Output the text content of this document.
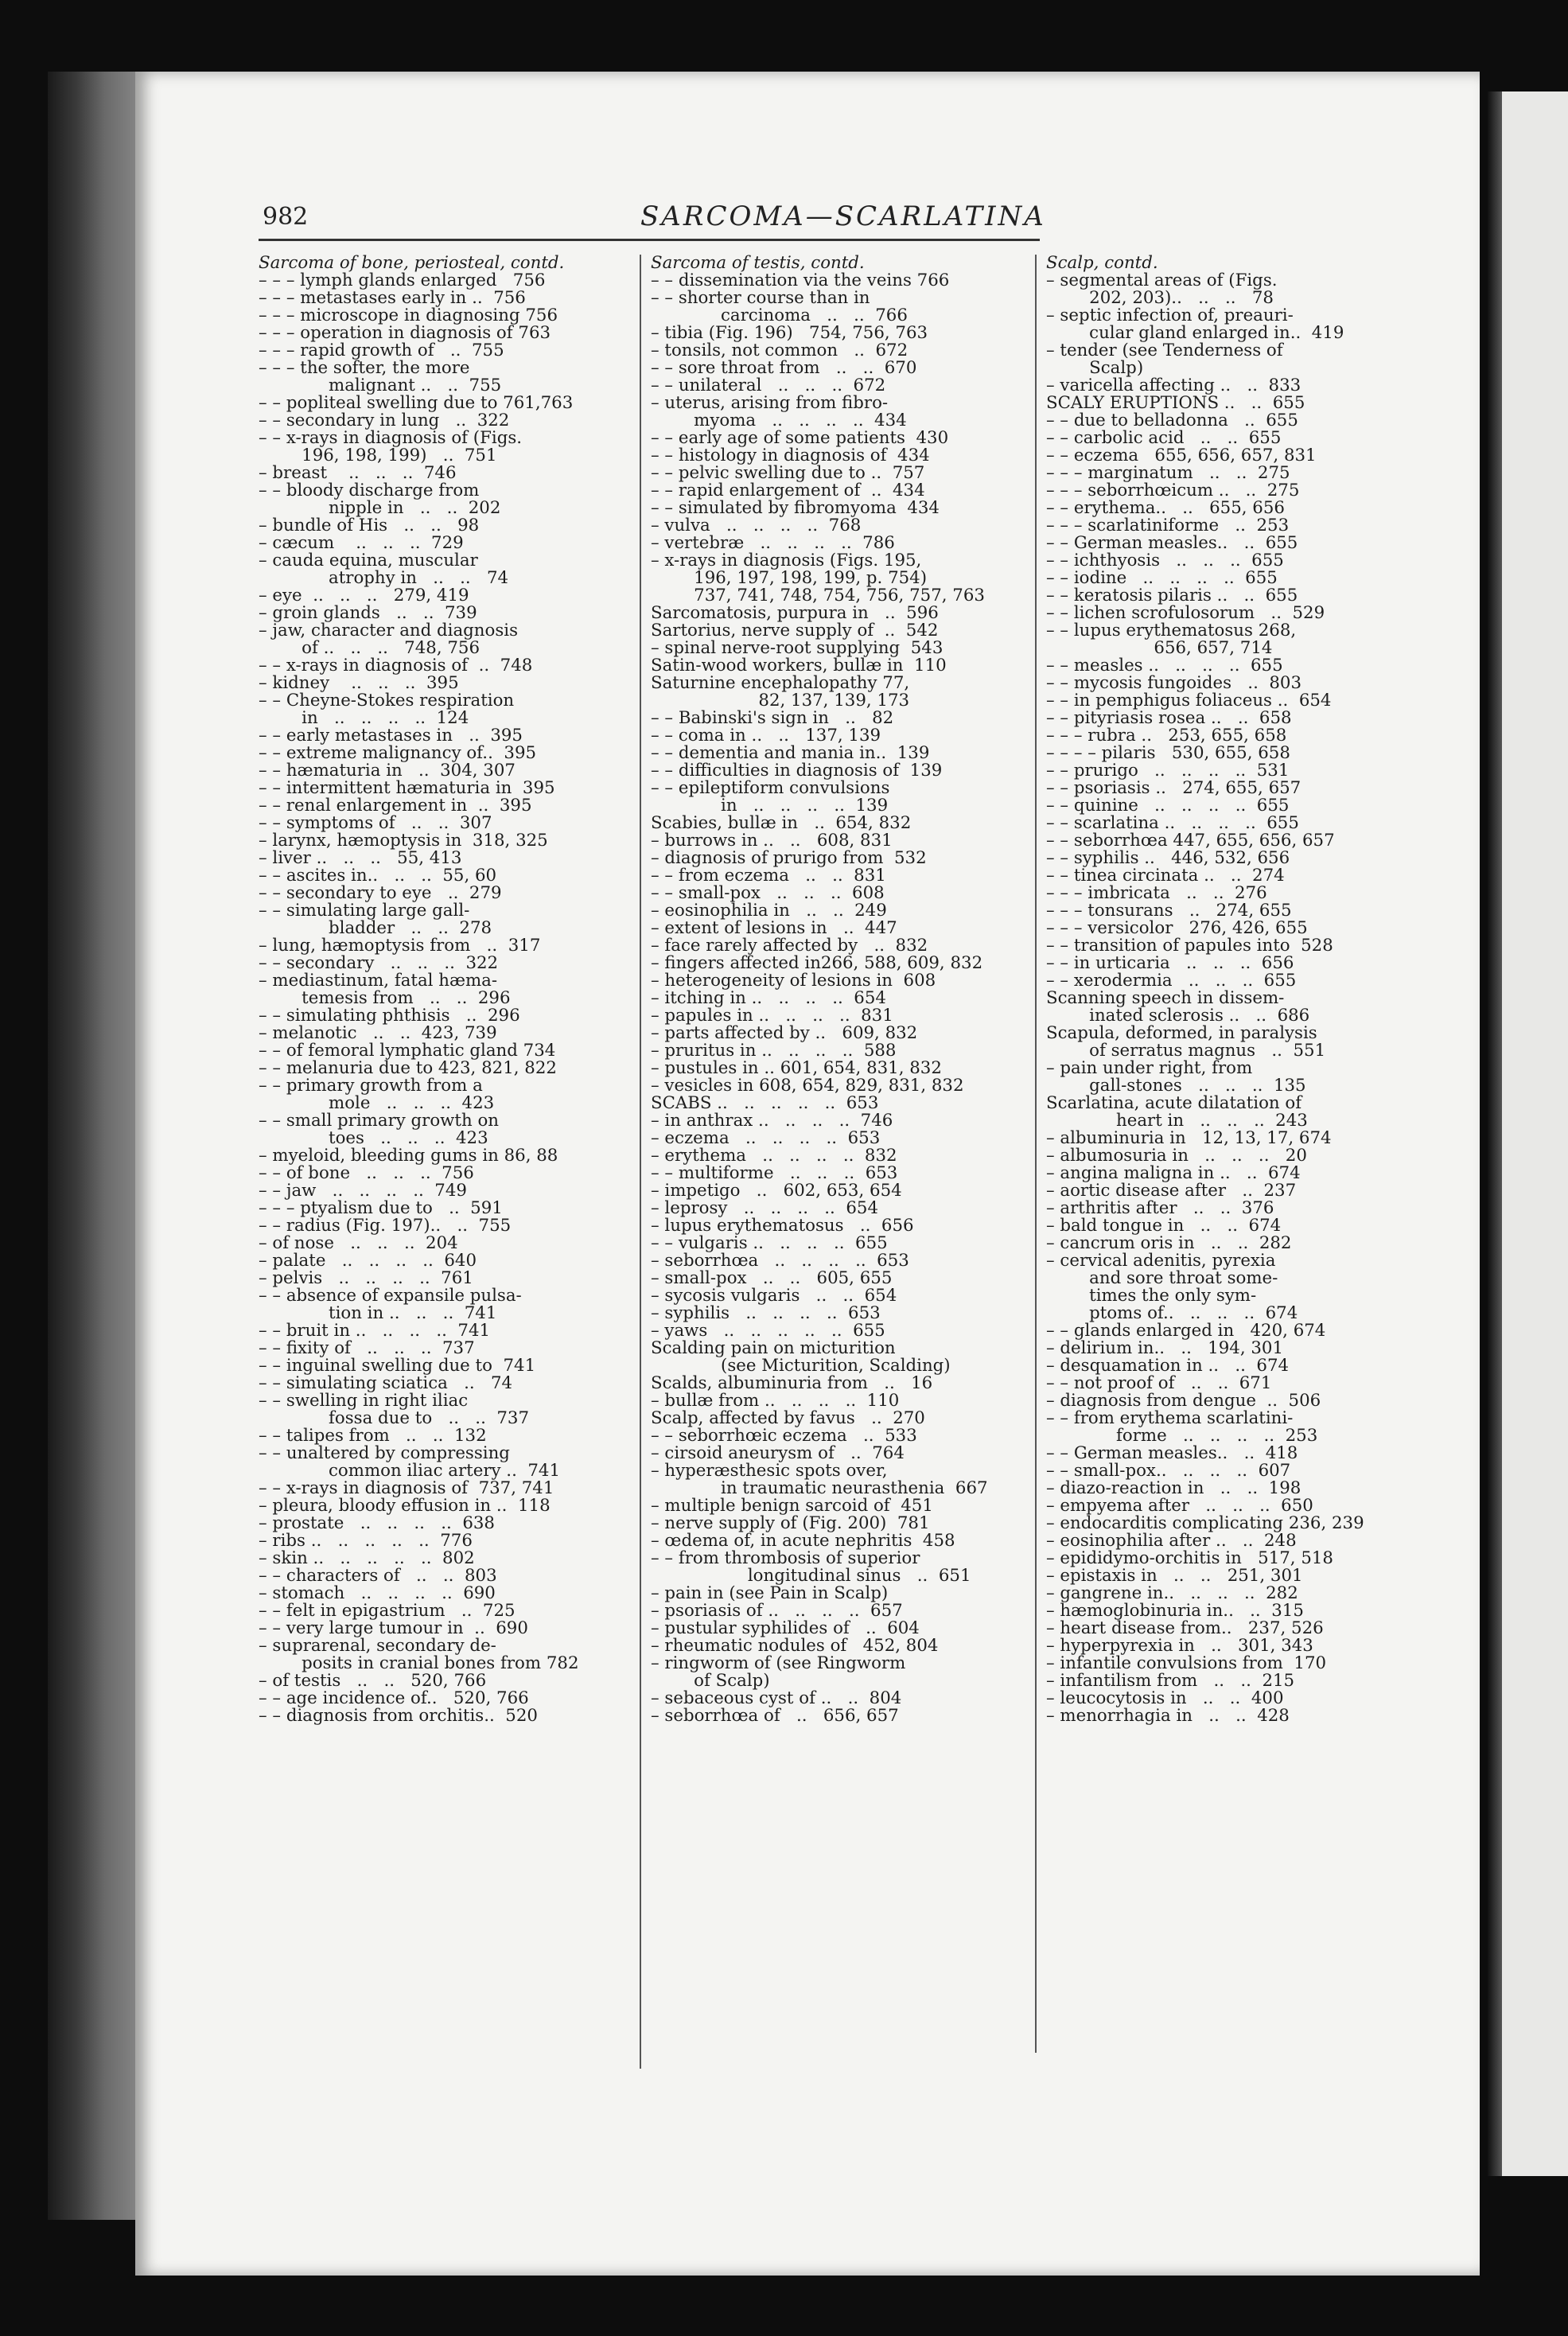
982	SARCOMA—SCARLATINA
Sarcoma of bone, periosteal, contd.
– – – lymph glands enlarged   756
– – – metastases early in ..  756
– – – microscope in diagnosing 756
– – – operation in diagnosis of 763
– – – rapid growth of   ..  755
– – – the softer, the more
malignant ..   ..  755
– – popliteal swelling due to 761,763
– – secondary in lung   ..  322
– – x-rays in diagnosis of (Figs.
196, 198, 199)   ..  751
– breast    ..   ..   ..  746
– – bloody discharge from
nipple in   ..   ..  202
– bundle of His   ..   ..   98
– cæcum    ..   ..   ..  729
– cauda equina, muscular
atrophy in   ..   ..   74
– eye  ..   ..   ..   279, 419
– groin glands   ..   ..  739
– jaw, character and diagnosis
of ..   ..   ..   748, 756
– – x-rays in diagnosis of  ..  748
– kidney    ..   ..   ..  395
– – Cheyne-Stokes respiration
in   ..   ..   ..   ..  124
– – early metastases in   ..  395
– – extreme malignancy of..  395
– – hæmaturia in   ..  304, 307
– – intermittent hæmaturia in  395
– – renal enlargement in  ..  395
– – symptoms of   ..   ..  307
– larynx, hæmoptysis in  318, 325
– liver ..   ..   ..   55, 413
– – ascites in..   ..   ..  55, 60
– – secondary to eye   ..  279
– – simulating large gall-
bladder   ..   ..  278
– lung, hæmoptysis from   ..  317
– – secondary   ..   ..   ..  322
– mediastinum, fatal hæma-
temesis from   ..   ..  296
– – simulating phthisis   ..  296
– melanotic   ..   ..  423, 739
– – of femoral lymphatic gland 734
– – melanuria due to 423, 821, 822
– – primary growth from a
mole   ..   ..   ..  423
– – small primary growth on
toes   ..   ..   ..  423
– myeloid, bleeding gums in 86, 88
– – of bone   ..   ..   ..  756
– – jaw   ..   ..   ..   ..  749
– – – ptyalism due to   ..  591
– – radius (Fig. 197)..   ..  755
– of nose   ..   ..   ..  204
– palate   ..   ..   ..   ..  640
– pelvis   ..   ..   ..   ..  761
– – absence of expansile pulsa-
tion in ..   ..   ..  741
– – bruit in ..   ..   ..   ..  741
– – fixity of   ..   ..   ..  737
– – inguinal swelling due to  741
– – simulating sciatica   ..   74
– – swelling in right iliac
fossa due to   ..   ..  737
– – talipes from   ..   ..  132
– – unaltered by compressing
common iliac artery ..  741
– – x-rays in diagnosis of  737, 741
– pleura, bloody effusion in ..  118
– prostate   ..   ..   ..   ..  638
– ribs ..   ..   ..   ..   ..  776
– skin ..   ..   ..   ..   ..  802
– – characters of   ..   ..  803
– stomach   ..   ..   ..   ..  690
– – felt in epigastrium   ..  725
– – very large tumour in  ..  690
– suprarenal, secondary de-
posits in cranial bones from 782
– of testis   ..   ..   520, 766
– – age incidence of..   520, 766
– – diagnosis from orchitis..  520
Sarcoma of testis, contd.
– – dissemination via the veins 766
– – shorter course than in
carcinoma   ..   ..  766
– tibia (Fig. 196)   754, 756, 763
– tonsils, not common   ..  672
– – sore throat from   ..   ..  670
– – unilateral   ..   ..   ..  672
– uterus, arising from fibro-
myoma   ..   ..   ..   ..  434
– – early age of some patients  430
– – histology in diagnosis of  434
– – pelvic swelling due to ..  757
– – rapid enlargement of  ..  434
– – simulated by fibromyoma  434
– vulva   ..   ..   ..   ..  768
– vertebræ   ..   ..   ..   ..  786
– x-rays in diagnosis (Figs. 195,
196, 197, 198, 199, p. 754)
737, 741, 748, 754, 756, 757, 763
Sarcomatosis, purpura in   ..  596
Sartorius, nerve supply of  ..  542
– spinal nerve-root supplying  543
Satin-wood workers, bullæ in  110
Saturnine encephalopathy 77,
82, 137, 139, 173
– – Babinski's sign in   ..   82
– – coma in ..   ..   137, 139
– – dementia and mania in..  139
– – difficulties in diagnosis of  139
– – epileptiform convulsions
in   ..   ..   ..   ..  139
Scabies, bullæ in   ..  654, 832
– burrows in ..   ..   608, 831
– diagnosis of prurigo from  532
– – from eczema   ..   ..  831
– – small-pox   ..   ..   ..  608
– eosinophilia in   ..   ..  249
– extent of lesions in   ..  447
– face rarely affected by   ..  832
– fingers affected in266, 588, 609, 832
– heterogeneity of lesions in  608
– itching in ..   ..   ..   ..  654
– papules in ..   ..   ..   ..  831
– parts affected by ..   609, 832
– pruritus in ..   ..   ..   ..  588
– pustules in .. 601, 654, 831, 832
– vesicles in 608, 654, 829, 831, 832
SCABS ..   ..   ..   ..   ..  653
– in anthrax ..   ..   ..   ..  746
– eczema   ..   ..   ..   ..  653
– erythema   ..   ..   ..   ..  832
– – multiforme   ..   ..   ..  653
– impetigo   ..   602, 653, 654
– leprosy   ..   ..   ..   ..  654
– lupus erythematosus   ..  656
– – vulgaris ..   ..   ..   ..  655
– seborrhœa   ..   ..   ..   ..  653
– small-pox   ..   ..   605, 655
– sycosis vulgaris   ..   ..  654
– syphilis   ..   ..   ..   ..  653
– yaws   ..   ..   ..   ..   ..  655
Scalding pain on micturition
(see Micturition, Scalding)
Scalds, albuminuria from   ..   16
– bullæ from ..   ..   ..   ..  110
Scalp, affected by favus   ..  270
– – seborrhœic eczema   ..  533
– cirsoid aneurysm of   ..  764
– hyperæsthesic spots over,
in traumatic neurasthenia  667
– multiple benign sarcoid of  451
– nerve supply of (Fig. 200)  781
– œdema of, in acute nephritis  458
– – from thrombosis of superior
longitudinal sinus   ..  651
– pain in (see Pain in Scalp)
– psoriasis of ..   ..   ..   ..  657
– pustular syphilides of   ..  604
– rheumatic nodules of   452, 804
– ringworm of (see Ringworm
of Scalp)
– sebaceous cyst of ..   ..  804
– seborrhœa of   ..   656, 657
Scalp, contd.
– segmental areas of (Figs.
202, 203)..   ..   ..   78
– septic infection of, preauri-
cular gland enlarged in..  419
– tender (see Tenderness of
Scalp)
– varicella affecting ..   ..  833
SCALY ERUPTIONS ..   ..  655
– – due to belladonna   ..  655
– – carbolic acid   ..   ..  655
– – eczema   655, 656, 657, 831
– – – marginatum   ..   ..  275
– – – seborrhœicum ..   ..  275
– – erythema..   ..   655, 656
– – – scarlatiniforme   ..  253
– – German measles..   ..  655
– – ichthyosis   ..   ..   ..  655
– – iodine   ..   ..   ..   ..  655
– – keratosis pilaris ..   ..  655
– – lichen scrofulosorum   ..  529
– – lupus erythematosus 268,
656, 657, 714
– – measles ..   ..   ..   ..  655
– – mycosis fungoides   ..  803
– – in pemphigus foliaceus ..  654
– – pityriasis rosea ..   ..  658
– – – rubra ..   253, 655, 658
– – – – pilaris   530, 655, 658
– – prurigo   ..   ..   ..   ..  531
– – psoriasis ..   274, 655, 657
– – quinine   ..   ..   ..   ..  655
– – scarlatina ..   ..   ..   ..  655
– – seborrhœa 447, 655, 656, 657
– – syphilis ..   446, 532, 656
– – tinea circinata ..   ..  274
– – – imbricata   ..   ..  276
– – – tonsurans   ..   274, 655
– – – versicolor   276, 426, 655
– – transition of papules into  528
– – in urticaria   ..   ..   ..  656
– – xerodermia   ..   ..   ..  655
Scanning speech in dissem-
inated sclerosis ..   ..  686
Scapula, deformed, in paralysis
of serratus magnus   ..  551
– pain under right, from
gall-stones   ..   ..   ..  135
Scarlatina, acute dilatation of
heart in   ..   ..   ..  243
– albuminuria in   12, 13, 17, 674
– albumosuria in   ..   ..   ..   20
– angina maligna in ..   ..  674
– aortic disease after   ..  237
– arthritis after   ..   ..  376
– bald tongue in   ..   ..  674
– cancrum oris in   ..   ..  282
– cervical adenitis, pyrexia
and sore throat some-
times the only sym-
ptoms of..   ..   ..   ..  674
– – glands enlarged in   420, 674
– delirium in..   ..   194, 301
– desquamation in ..   ..  674
– – not proof of   ..   ..  671
– diagnosis from dengue  ..  506
– – from erythema scarlatini-
forme   ..   ..   ..   ..  253
– – German measles..   ..  418
– – small-pox..   ..   ..   ..  607
– diazo-reaction in   ..   ..  198
– empyema after   ..   ..   ..  650
– endocarditis complicating 236, 239
– eosinophilia after ..   ..  248
– epididymo-orchitis in   517, 518
– epistaxis in   ..   ..   251, 301
– gangrene in..   ..   ..   ..  282
– hæmoglobinuria in..   ..  315
– heart disease from..   237, 526
– hyperpyrexia in   ..   301, 343
– infantile convulsions from  170
– infantilism from   ..   ..  215
– leucocytosis in   ..   ..  400
– menorrhagia in   ..   ..  428
